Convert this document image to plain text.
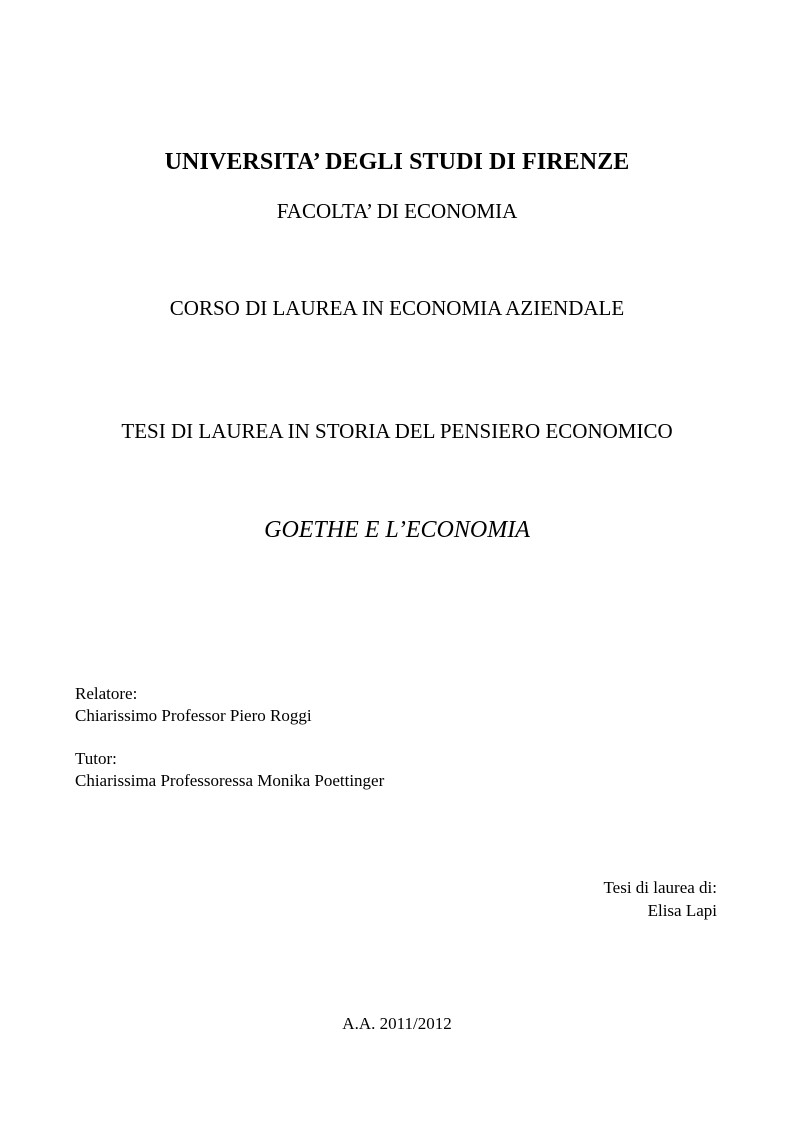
UNIVERSITA’ DEGLI STUDI DI FIRENZE
FACOLTA’ DI ECONOMIA
CORSO DI LAUREA IN ECONOMIA AZIENDALE
TESI DI LAUREA IN STORIA DEL PENSIERO ECONOMICO
GOETHE E L’ECONOMIA
Relatore:
Chiarissimo Professor Piero Roggi
Tutor:
Chiarissima Professoressa Monika Poettinger
Tesi di laurea di:
Elisa Lapi
A.A. 2011/2012
